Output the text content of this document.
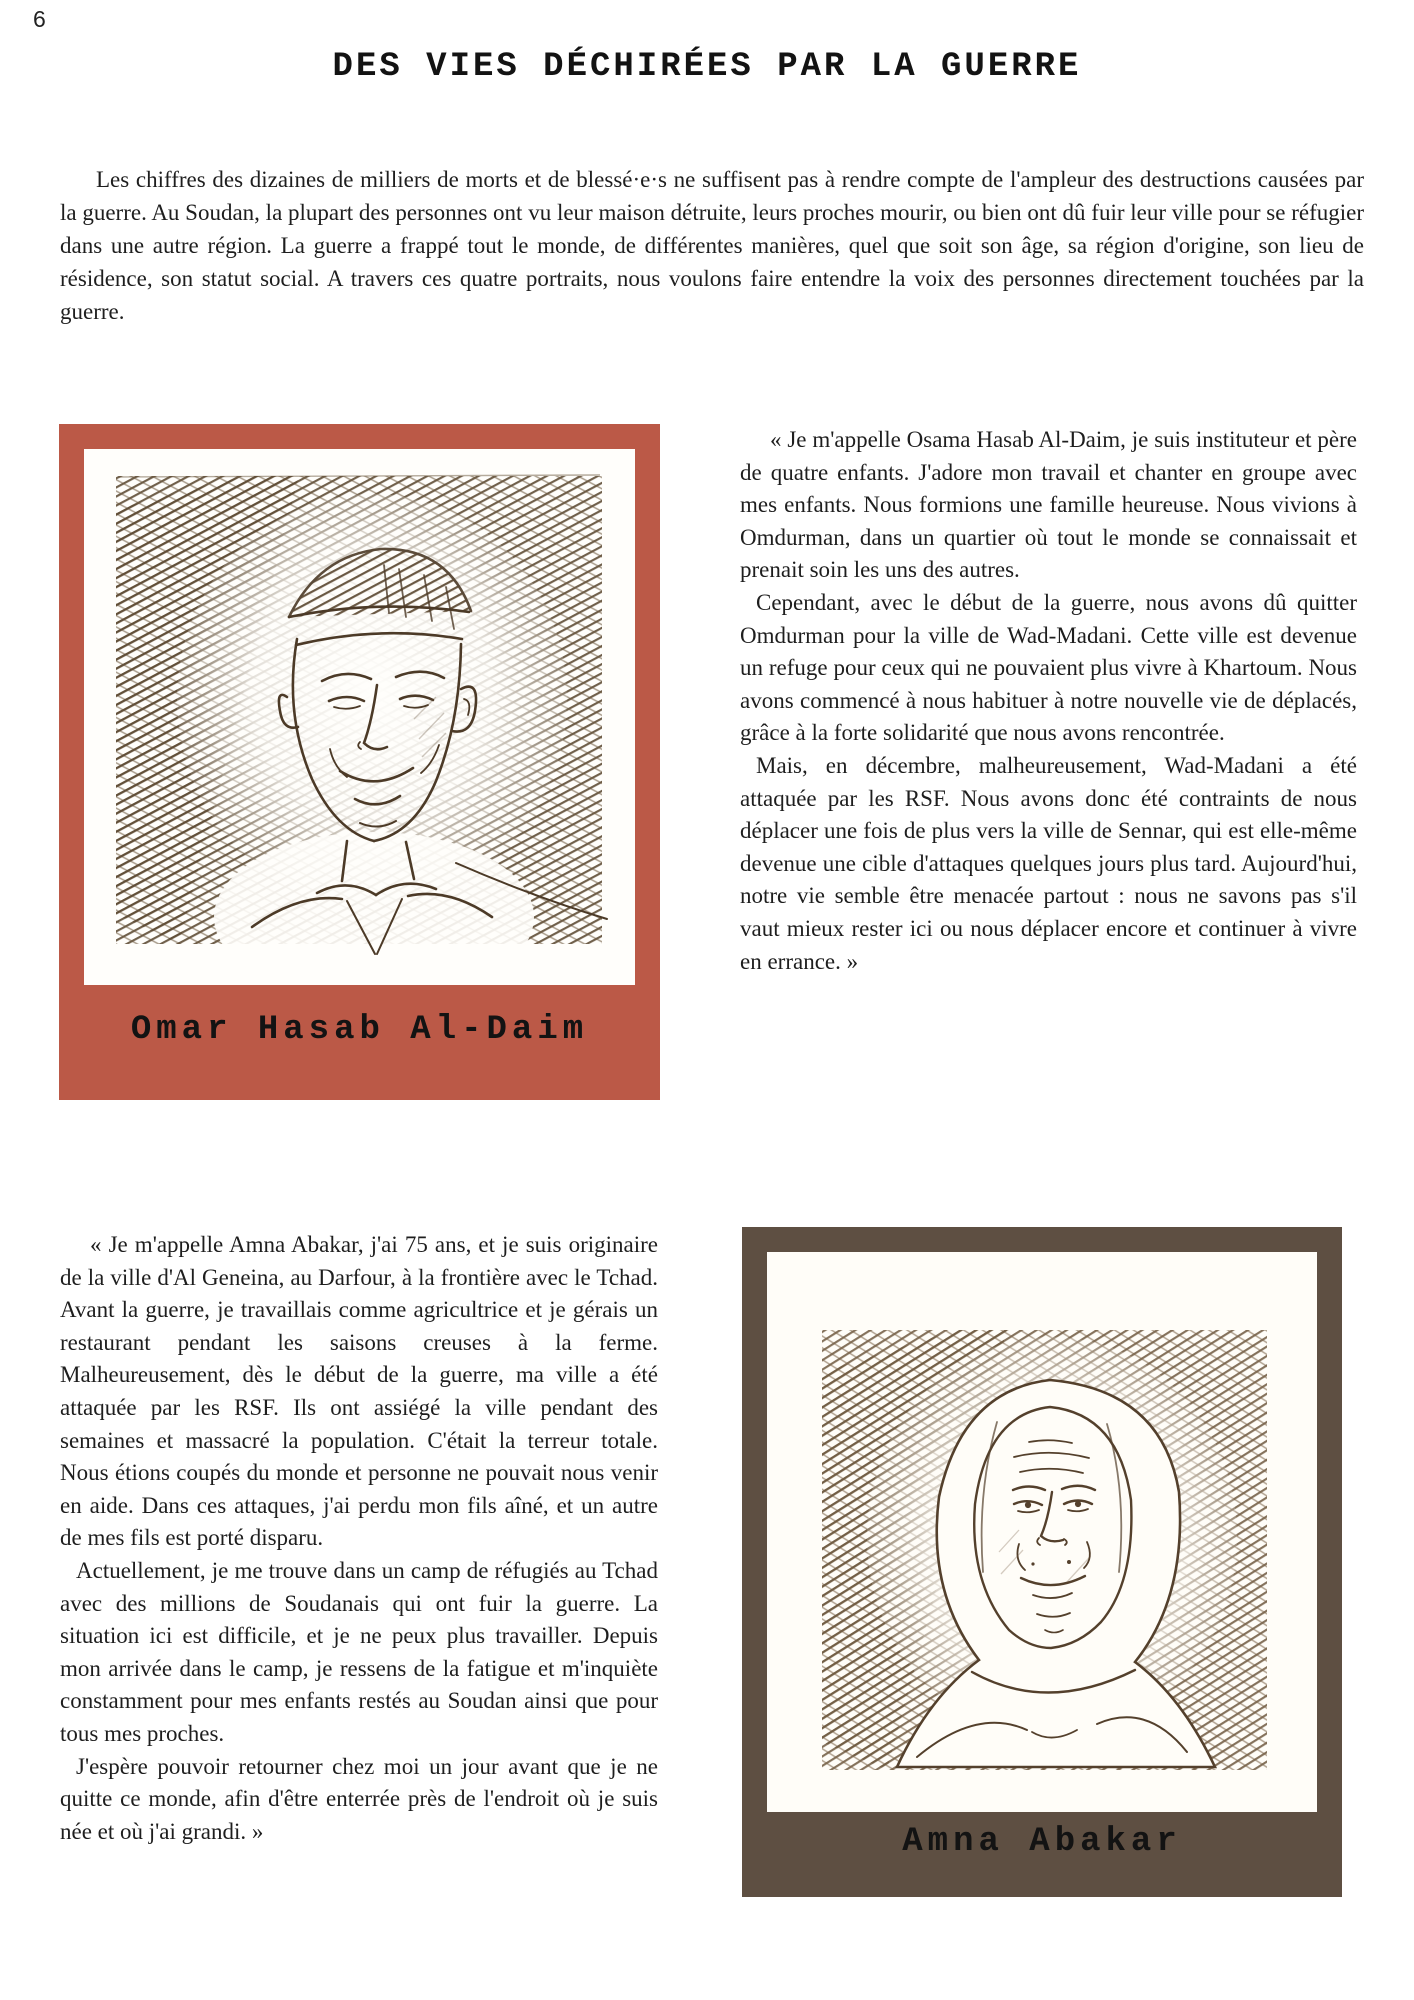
6
DES VIES DÉCHIRÉES PAR LA GUERRE

Les chiffres des dizaines de milliers de morts et de blessé·e·s ne suffisent pas à rendre compte de l'ampleur des destructions causées par la guerre. Au Soudan, la plupart des personnes ont vu leur maison détruite, leurs proches mourir, ou bien ont dû fuir leur ville pour se réfugier dans une autre région. La guerre a frappé tout le monde, de différentes manières, quel que soit son âge, sa région d'origine, son lieu de résidence, son statut social. A travers ces quatre portraits, nous voulons faire entendre la voix des personnes directement touchées par la guerre.

Omar Hasab Al-Daim

« Je m'appelle Osama Hasab Al-Daim, je suis instituteur et père de quatre enfants. J'adore mon travail et chanter en groupe avec mes enfants. Nous formions une famille heureuse. Nous vivions à Omdurman, dans un quartier où tout le monde se connaissait et prenait soin les uns des autres.

Cependant, avec le début de la guerre, nous avons dû quitter Omdurman pour la ville de Wad-Madani. Cette ville est devenue un refuge pour ceux qui ne pouvaient plus vivre à Khartoum. Nous avons commencé à nous habituer à notre nouvelle vie de déplacés, grâce à la forte solidarité que nous avons rencontrée.

Mais, en décembre, malheureusement, Wad-Madani a été attaquée par les RSF. Nous avons donc été contraints de nous déplacer une fois de plus vers la ville de Sennar, qui est elle-même devenue une cible d'attaques quelques jours plus tard. Aujourd'hui, notre vie semble être menacée partout : nous ne savons pas s'il vaut mieux rester ici ou nous déplacer encore et continuer à vivre en errance. »

« Je m'appelle Amna Abakar, j'ai 75 ans, et je suis originaire de la ville d'Al Geneina, au Darfour, à la frontière avec le Tchad. Avant la guerre, je travaillais comme agricultrice et je gérais un restaurant pendant les saisons creuses à la ferme. Malheureusement, dès le début de la guerre, ma ville a été attaquée par les RSF. Ils ont assiégé la ville pendant des semaines et massacré la population. C'était la terreur totale. Nous étions coupés du monde et personne ne pouvait nous venir en aide. Dans ces attaques, j'ai perdu mon fils aîné, et un autre de mes fils est porté disparu.

Actuellement, je me trouve dans un camp de réfugiés au Tchad avec des millions de Soudanais qui ont fuir la guerre. La situation ici est difficile, et je ne peux plus travailler. Depuis mon arrivée dans le camp, je ressens de la fatigue et m'inquiète constamment pour mes enfants restés au Soudan ainsi que pour tous mes proches.

J'espère pouvoir retourner chez moi un jour avant que je ne quitte ce monde, afin d'être enterrée près de l'endroit où je suis née et où j'ai grandi. »	Amna Abakar
